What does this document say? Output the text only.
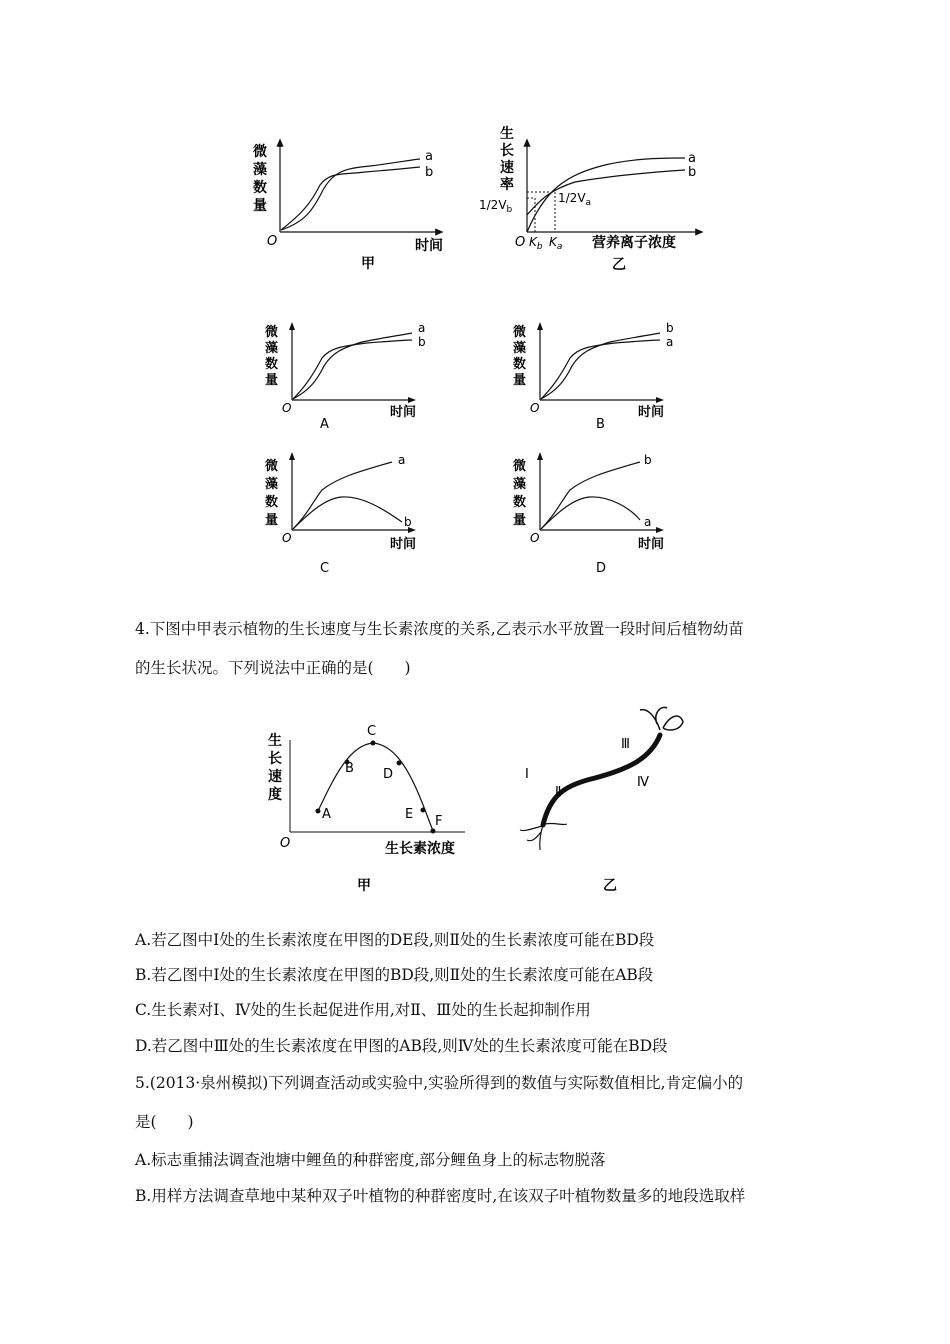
微
藻
数
量
O	时间
a
b
甲
生
长
速
率
$1/2V_b$
$1/2V_a$
O $K_b$ $K_a$ 营养离子浓度
a
b
乙
微
藻
数
量
a
b
O	时间
A
微
藻
数
量
b
a
O	时间
B
微
藻
数
量
a
b
O	时间
C
微
藻
数
量
b
a
O	时间
D
4.下图中甲表示植物的生长速度与生长素浓度的关系,乙表示水平放置一段时间后植物幼苗
的生长状况。下列说法中正确的是(　　)
生
长
速
度
A
B
C
D
E F
O	生长素浓度
甲
Ⅰ
Ⅱ
Ⅲ
Ⅳ
乙
A.若乙图中Ⅰ处的生长素浓度在甲图的DE段,则Ⅱ处的生长素浓度可能在BD段
B.若乙图中Ⅰ处的生长素浓度在甲图的BD段,则Ⅱ处的生长素浓度可能在AB段
C.生长素对Ⅰ、Ⅳ处的生长起促进作用,对Ⅱ、Ⅲ处的生长起抑制作用
D.若乙图中Ⅲ处的生长素浓度在甲图的AB段,则Ⅳ处的生长素浓度可能在BD段
5.(2013·泉州模拟)下列调查活动或实验中,实验所得到的数值与实际数值相比,肯定偏小的
是(　　)
A.标志重捕法调查池塘中鲤鱼的种群密度,部分鲤鱼身上的标志物脱落
B.用样方法调查草地中某种双子叶植物的种群密度时,在该双子叶植物数量多的地段选取样
